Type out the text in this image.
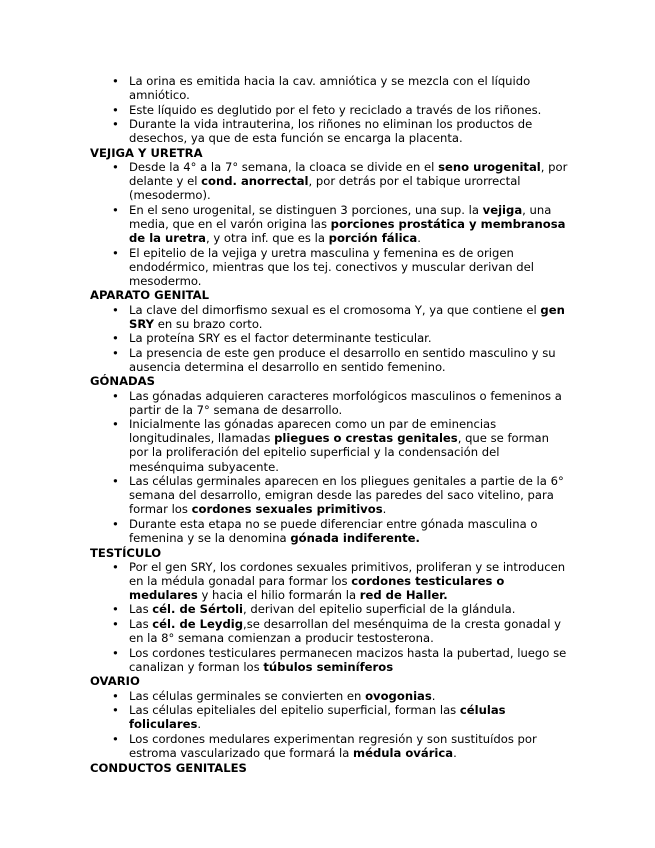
• La orina es emitida hacia la cav. amniótica y se mezcla con el líquido amniótico.
• Este líquido es deglutido por el feto y reciclado a través de los riñones.
• Durante la vida intrauterina, los riñones no eliminan los productos de desechos, ya que de esta función se encarga la placenta.
VEJIGA Y URETRA
• Desde la 4° a la 7° semana, la cloaca se divide en el seno urogenital, por delante y el cond. anorrectal, por detrás por el tabique urorrectal (mesodermo).
• En el seno urogenital, se distinguen 3 porciones, una sup. la vejiga, una media, que en el varón origina las porciones prostática y membranosa de la uretra, y otra inf. que es la porción fálica.
• El epitelio de la vejiga y uretra masculina y femenina es de origen endodérmico, mientras que los tej. conectivos y muscular derivan del mesodermo.
APARATO GENITAL
• La clave del dimorfismo sexual es el cromosoma Y, ya que contiene el gen SRY en su brazo corto.
• La proteína SRY es el factor determinante testicular.
• La presencia de este gen produce el desarrollo en sentido masculino y su ausencia determina el desarrollo en sentido femenino.
GÓNADAS
• Las gónadas adquieren caracteres morfológicos masculinos o femeninos a partir de la 7° semana de desarrollo.
• Inicialmente las gónadas aparecen como un par de eminencias longitudinales, llamadas pliegues o crestas genitales, que se forman por la proliferación del epitelio superficial y la condensación del mesénquima subyacente.
• Las células germinales aparecen en los pliegues genitales a partie de la 6° semana del desarrollo, emigran desde las paredes del saco vitelino, para formar los cordones sexuales primitivos.
• Durante esta etapa no se puede diferenciar entre gónada masculina o femenina y se la denomina gónada indiferente.
TESTÍCULO
• Por el gen SRY, los cordones sexuales primitivos, proliferan y se introducen en la médula gonadal para formar los cordones testiculares o medulares y hacia el hilio formarán la red de Haller.
• Las cél. de Sértoli, derivan del epitelio superficial de la glándula.
• Las cél. de Leydig,se desarrollan del mesénquima de la cresta gonadal y en la 8° semana comienzan a producir testosterona.
• Los cordones testiculares permanecen macizos hasta la pubertad, luego se canalizan y forman los túbulos seminíferos
OVARIO
• Las células germinales se convierten en ovogonias.
• Las células epiteliales del epitelio superficial, forman las células foliculares.
• Los cordones medulares experimentan regresión y son sustituídos por estroma vascularizado que formará la médula ovárica.
CONDUCTOS GENITALES
